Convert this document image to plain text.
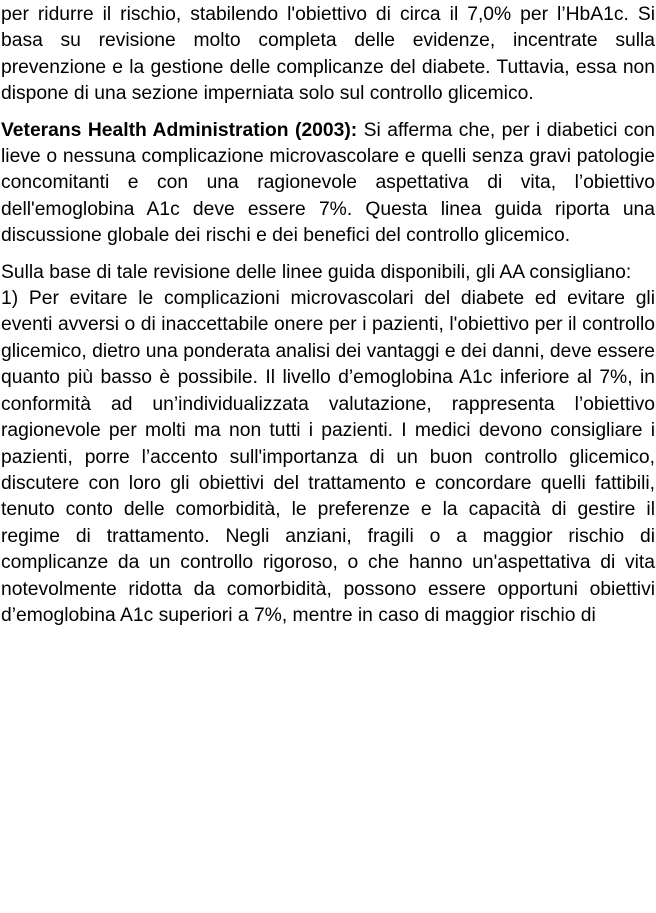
per ridurre il rischio, stabilendo l'obiettivo di circa il 7,0% per l’HbA1c. Si basa su revisione molto completa delle evidenze, incentrate sulla prevenzione e la gestione delle complicanze del diabete. Tuttavia, essa non dispone di una sezione imperniata solo sul controllo glicemico.

Veterans Health Administration (2003): Si afferma che, per i diabetici con lieve o nessuna complicazione microvascolare e quelli senza gravi patologie concomitanti e con una ragionevole aspettativa di vita, l’obiettivo dell'emoglobina A1c deve essere 7%. Questa linea guida riporta una discussione globale dei rischi e dei benefici del controllo glicemico.

Sulla base di tale revisione delle linee guida disponibili, gli AA consigliano:

1) Per evitare le complicazioni microvascolari del diabete ed evitare gli eventi avversi o di inaccettabile onere per i pazienti, l'obiettivo per il controllo glicemico, dietro una ponderata analisi dei vantaggi e dei danni, deve essere quanto più basso è possibile. Il livello d’emoglobina A1c inferiore al 7%, in conformità ad un’individualizzata valutazione, rappresenta l’obiettivo ragionevole per molti ma non tutti i pazienti. I medici devono consigliare i pazienti, porre l’accento sull'importanza di un buon controllo glicemico, discutere con loro gli obiettivi del trattamento e concordare quelli fattibili, tenuto conto delle comorbidità, le preferenze e la capacità di gestire il regime di trattamento. Negli anziani, fragili o a maggior rischio di complicanze da un controllo rigoroso, o che hanno un'aspettativa di vita notevolmente ridotta da comorbidità, possono essere opportuni obiettivi d’emoglobina A1c superiori a 7%, mentre in caso di maggior rischio di
